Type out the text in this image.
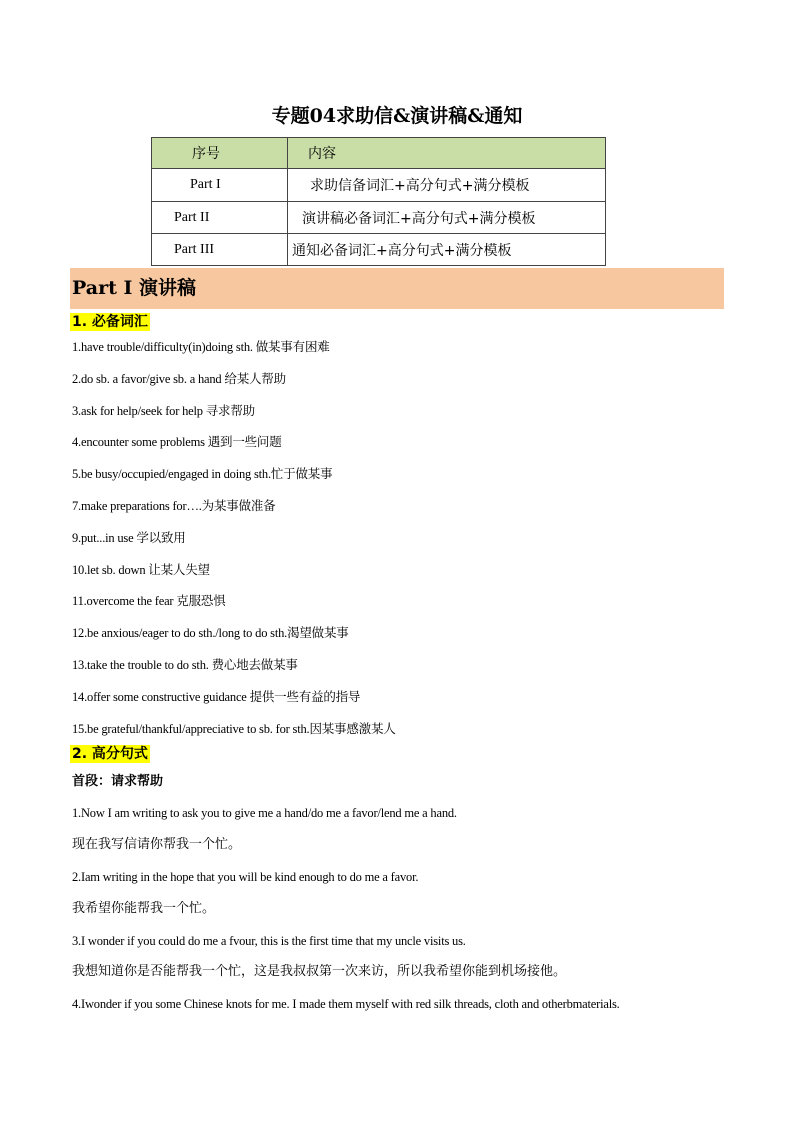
专题04求助信&演讲稿&通知
序号	内容

Part I	求助信备词汇+高分句式+满分模板

Part II	演讲稿必备词汇+高分句式+满分模板

Part III	通知必备词汇+高分句式+满分模板
Part I 演讲稿
1. 必备词汇
1.have trouble/difficulty(in)doing sth. 做某事有困难
2.do sb. a favor/give sb. a hand 给某人帮助
3.ask for help/seek for help 寻求帮助
4.encounter some problems 遇到一些问题
5.be busy/occupied/engaged in doing sth.忙于做某事
7.make preparations for….为某事做准备
9.put...in use 学以致用
10.let sb. down 让某人失望
11.overcome the fear 克服恐惧
12.be anxious/eager to do sth./long to do sth.渴望做某事
13.take the trouble to do sth. 费心地去做某事
14.offer some constructive guidance 提供一些有益的指导
15.be grateful/thankful/appreciative to sb. for sth.因某事感激某人
2. 高分句式
首段：请求帮助
1.Now I am writing to ask you to give me a hand/do me a favor/lend me a hand.
现在我写信请你帮我一个忙。
2.Iam writing in the hope that you will be kind enough to do me a favor.
我希望你能帮我一个忙。
3.I wonder if you could do me a fvour, this is the first time that my uncle visits us.
我想知道你是否能帮我一个忙，这是我叔叔第一次来访，所以我希望你能到机场接他。
4.Iwonder if you some Chinese knots for me. I made them myself with red silk threads, cloth and otherbmaterials.
